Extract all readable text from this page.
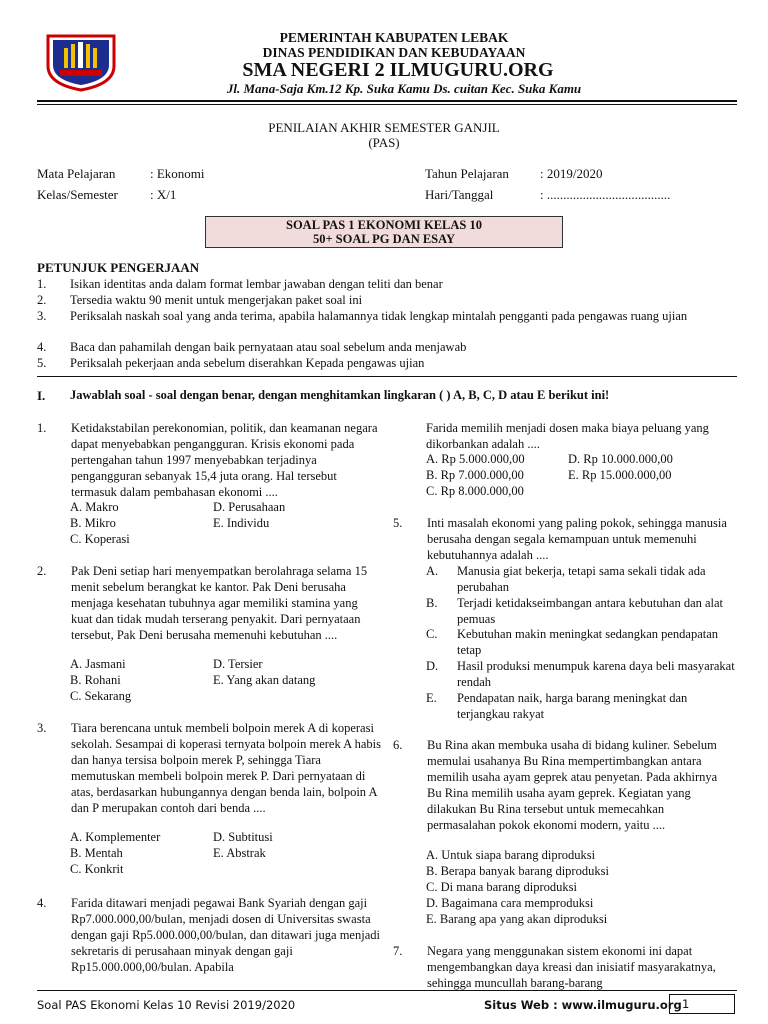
PEMERINTAH KABUPATEN LEBAK
DINAS PENDIDIKAN DAN KEBUDAYAAN
SMA NEGERI 2 ILMUGURU.ORG
Jl. Mana-Saja Km.12 Kp. Suka Kamu Ds. cuitan Kec. Suka Kamu
PENILAIAN AKHIR SEMESTER GANJIL
(PAS)
Mata Pelajaran	: Ekonomi
Kelas/Semester : X/1
Tahun Pelajaran : 2019/2020
Hari/Tanggal	: ......................................
SOAL PAS 1 EKONOMI KELAS 10
50+ SOAL PG DAN ESAY
PETUNJUK PENGERJAAN
1. Isikan identitas anda dalam format lembar jawaban dengan teliti dan benar
2. Tersedia waktu 90 menit untuk mengerjakan paket soal ini
3. Periksalah naskah soal yang anda terima, apabila halamannya tidak lengkap mintalah pengganti pada pengawas ruang ujian
4. Baca dan pahamilah dengan baik pernyataan atau soal sebelum anda menjawab
5. Periksalah pekerjaan anda sebelum diserahkan Kepada pengawas ujian
I. Jawablah soal - soal dengan benar, dengan menghitamkan lingkaran ( ) A, B, C, D atau E berikut ini!
1. Ketidakstabilan perekonomian, politik, dan keamanan negara dapat menyebabkan pengangguran. Krisis ekonomi pada pertengahan tahun 1997 menyebabkan terjadinya pengangguran sebanyak 15,4 juta orang. Hal tersebut termasuk dalam pembahasan ekonomi ....
A. Makro
B. Mikro
C. Koperasi
D. Perusahaan
E. Individu
2. Pak Deni setiap hari menyempatkan berolahraga selama 15 menit sebelum berangkat ke kantor. Pak Deni berusaha menjaga kesehatan tubuhnya agar memiliki stamina yang kuat dan tidak mudah terserang penyakit. Dari pernyataan tersebut, Pak Deni berusaha memenuhi kebutuhan ....
A. Jasmani
B. Rohani
C. Sekarang
D. Tersier
E. Yang akan datang
3. Tiara berencana untuk membeli bolpoin merek A di koperasi sekolah. Sesampai di koperasi ternyata bolpoin merek A habis dan hanya tersisa bolpoin merek P, sehingga Tiara memutuskan membeli bolpoin merek P. Dari pernyataan di atas, berdasarkan hubungannya dengan benda lain, bolpoin A dan P merupakan contoh dari benda ....
A. Komplementer
B. Mentah
C. Konkrit
D. Subtitusi
E. Abstrak
4. Farida ditawari menjadi pegawai Bank Syariah dengan gaji Rp7.000.000,00/bulan, menjadi dosen di Universitas swasta dengan gaji Rp5.000.000,00/bulan, dan ditawari juga menjadi sekretaris di perusahaan minyak dengan gaji Rp15.000.000,00/bulan. Apabila
Farida memilih menjadi dosen maka biaya peluang yang dikorbankan adalah ....
A. Rp 5.000.000,00
B. Rp 7.000.000,00
C. Rp 8.000.000,00
D. Rp 10.000.000,00
E. Rp 15.000.000,00
5. Inti masalah ekonomi yang paling pokok, sehingga manusia berusaha dengan segala kemampuan untuk memenuhi kebutuhannya adalah ....
A. Manusia giat bekerja, tetapi sama sekali tidak ada perubahan
B. Terjadi ketidakseimbangan antara kebutuhan dan alat pemuas
C. Kebutuhan makin meningkat sedangkan pendapatan tetap
D. Hasil produksi menumpuk karena daya beli masyarakat rendah
E. Pendapatan naik, harga barang meningkat dan terjangkau rakyat
6. Bu Rina akan membuka usaha di bidang kuliner. Sebelum memulai usahanya Bu Rina mempertimbangkan antara memilih usaha ayam geprek atau penyetan. Pada akhirnya Bu Rina memilih usaha ayam geprek. Kegiatan yang dilakukan Bu Rina tersebut untuk memecahkan permasalahan pokok ekonomi modern, yaitu ....
A. Untuk siapa barang diproduksi
B. Berapa banyak barang diproduksi
C. Di mana barang diproduksi
D. Bagaimana cara memproduksi
E. Barang apa yang akan diproduksi
7. Negara yang menggunakan sistem ekonomi ini dapat mengembangkan daya kreasi dan inisiatif masyarakatnya, sehingga muncullah barang-barang
Soal PAS Ekonomi Kelas 10 Revisi 2019/2020	Situs Web : www.ilmuguru.org 1
